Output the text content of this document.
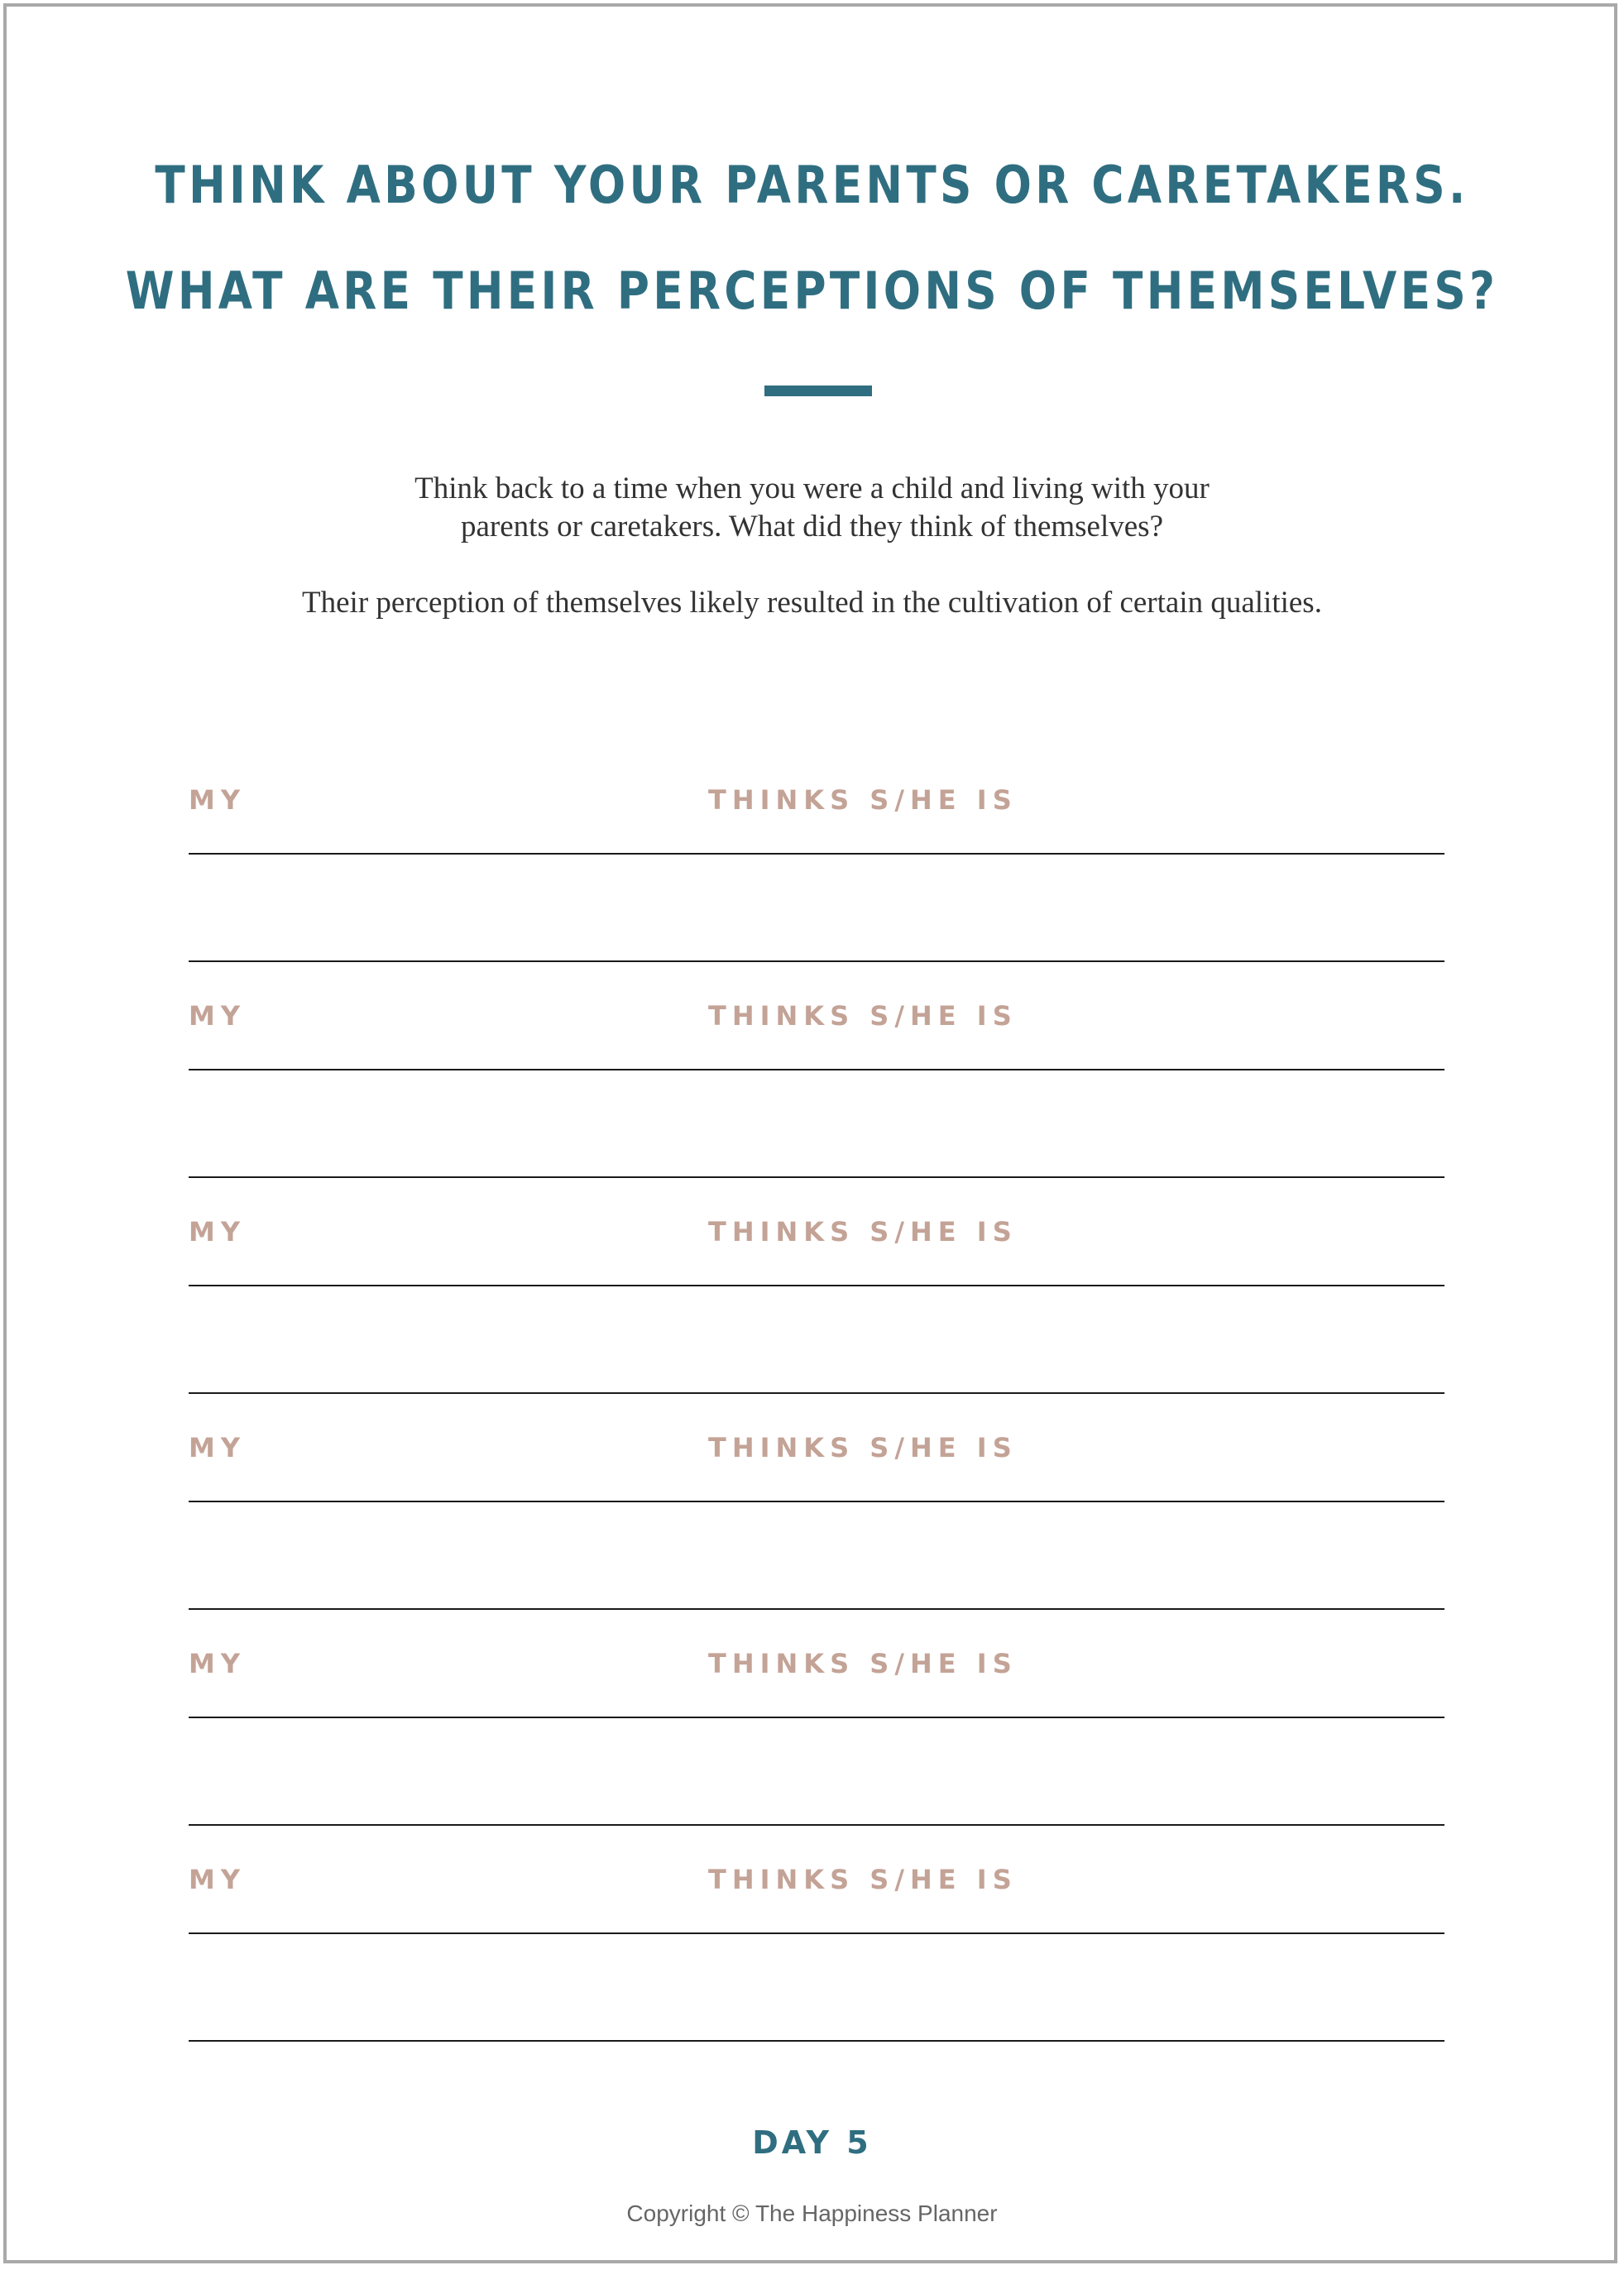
THINK ABOUT YOUR PARENTS OR CARETAKERS.
WHAT ARE THEIR PERCEPTIONS OF THEMSELVES?

Think back to a time when you were a child and living with your

parents or caretakers. What did they think of themselves?

Their perception of themselves likely resulted in the cultivation of certain qualities.

MY	THINKS S/HE IS
MY	THINKS S/HE IS
MY	THINKS S/HE IS
MY	THINKS S/HE IS
MY	THINKS S/HE IS
MY	THINKS S/HE IS
DAY 5
Copyright © The Happiness Planner
